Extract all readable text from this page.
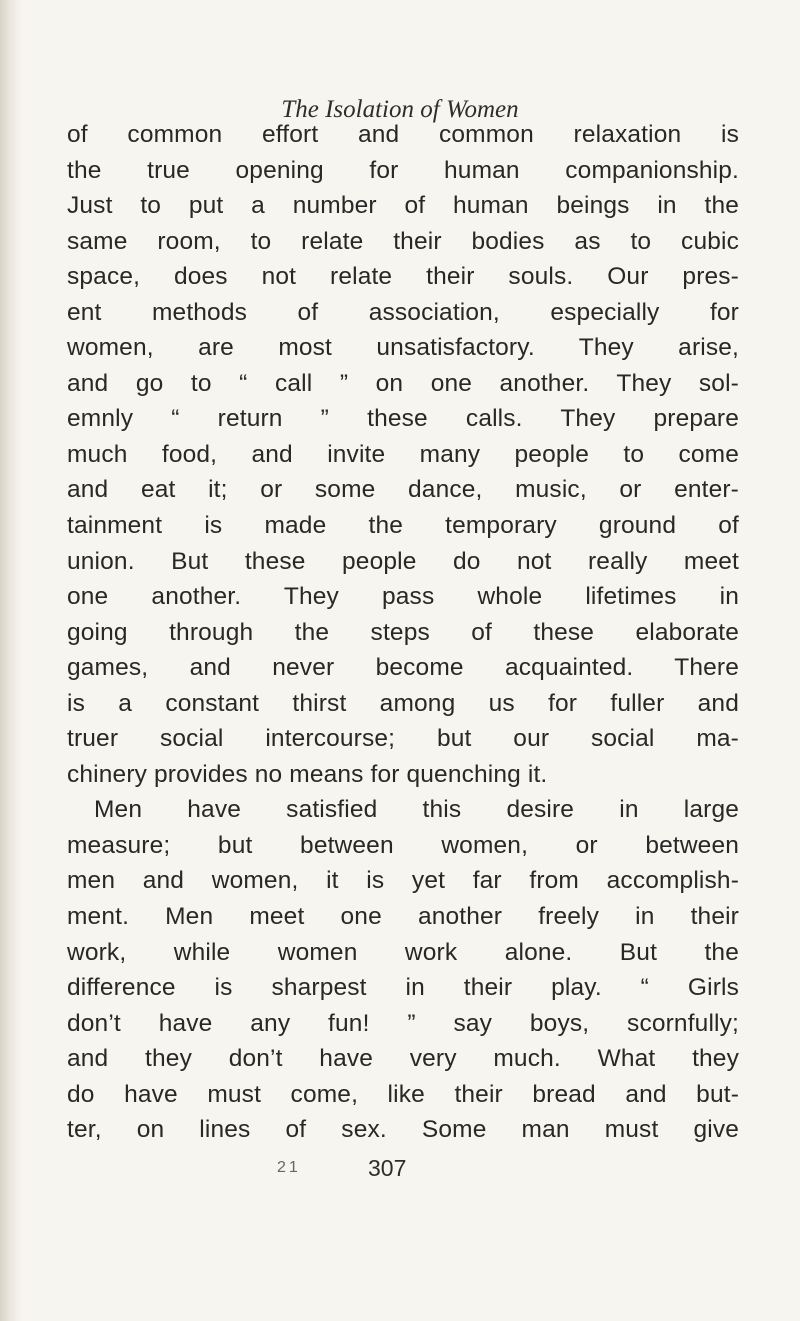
The Isolation of Women
of common effort and common relaxation is
the true opening for human companionship.
Just to put a number of human beings in the
same room, to relate their bodies as to cubic
space, does not relate their souls. Our pres-
ent methods of association, especially for
women, are most unsatisfactory. They arise,
and go to “ call ” on one another. They sol-
emnly “ return ” these calls. They prepare
much food, and invite many people to come
and eat it; or some dance, music, or enter-
tainment is made the temporary ground of
union. But these people do not really meet
one another. They pass whole lifetimes in
going through the steps of these elaborate
games, and never become acquainted. There
is a constant thirst among us for fuller and
truer social intercourse; but our social ma-
chinery provides no means for quenching it.
Men have satisfied this desire in large
measure; but between women, or between
men and women, it is yet far from accomplish-
ment. Men meet one another freely in their
work, while women work alone. But the
difference is sharpest in their play. “ Girls
don’t have any fun! ” say boys, scornfully;
and they don’t have very much. What they
do have must come, like their bread and but-
ter, on lines of sex. Some man must give
21	307
